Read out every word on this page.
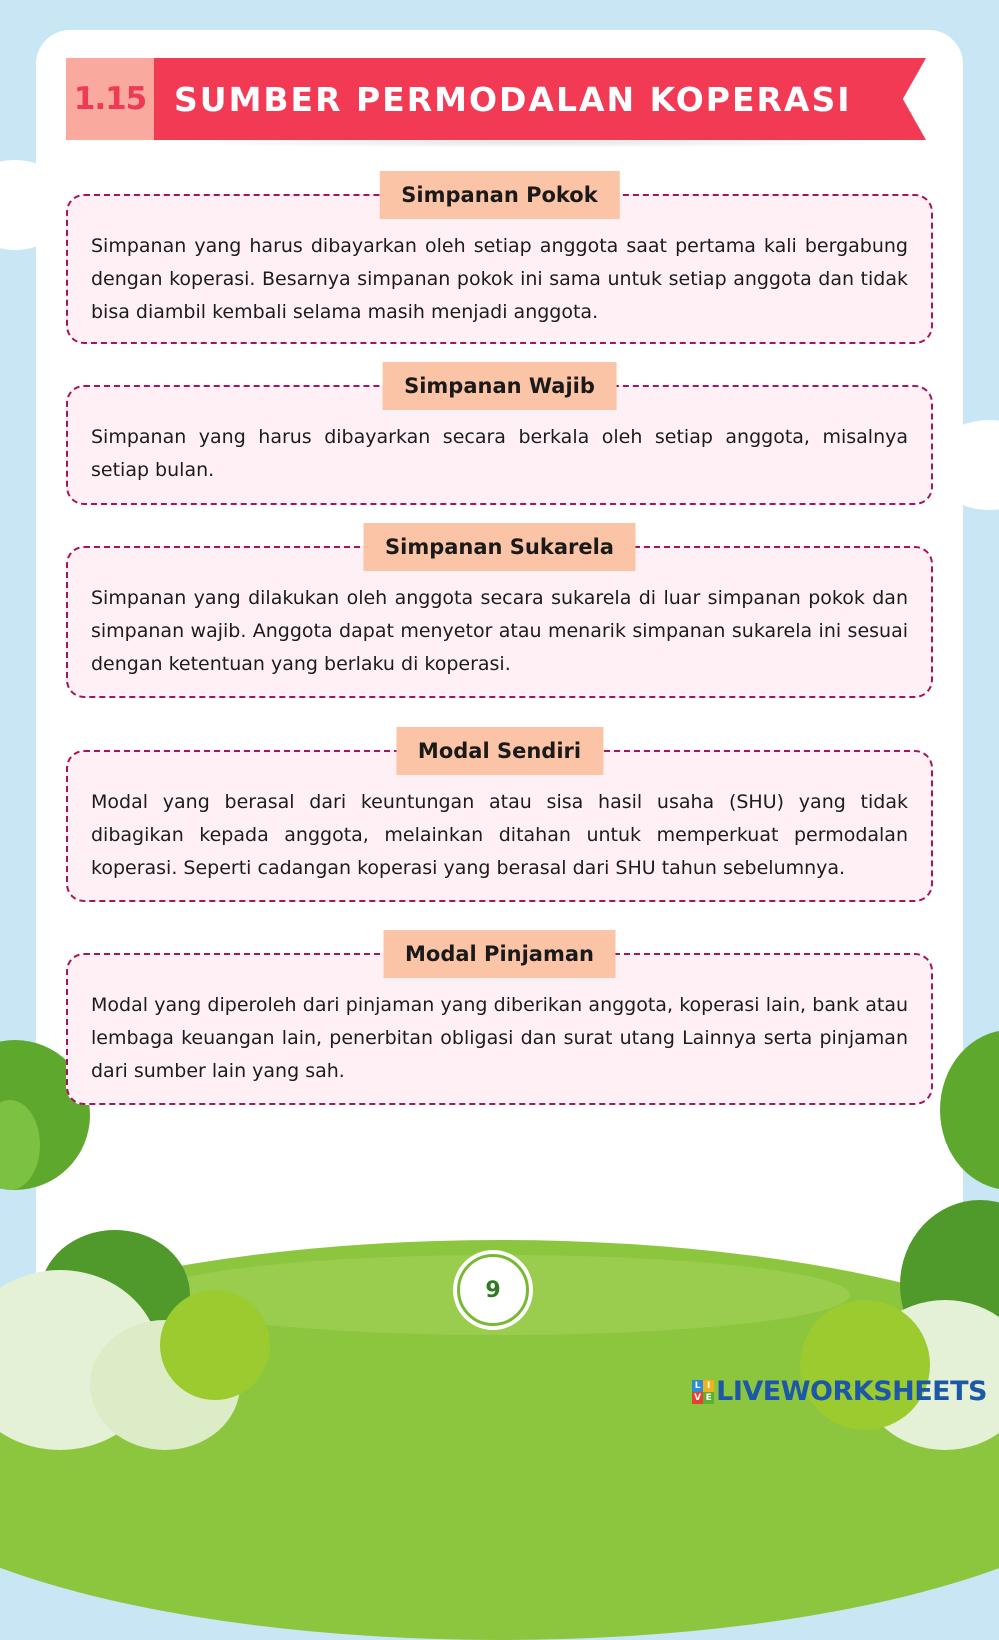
1.15 SUMBER PERMODALAN KOPERASI
Simpanan Pokok

Simpanan yang harus dibayarkan oleh setiap anggota saat pertama kali bergabung dengan koperasi. Besarnya simpanan pokok ini sama untuk setiap anggota dan tidak bisa diambil kembali selama masih menjadi anggota.

Simpanan Wajib

Simpanan yang harus dibayarkan secara berkala oleh setiap anggota, misalnya setiap bulan.

Simpanan Sukarela

Simpanan yang dilakukan oleh anggota secara sukarela di luar simpanan pokok dan simpanan wajib. Anggota dapat menyetor atau menarik simpanan sukarela ini sesuai dengan ketentuan yang berlaku di koperasi.

Modal Sendiri

Modal yang berasal dari keuntungan atau sisa hasil usaha (SHU) yang tidak dibagikan kepada anggota, melainkan ditahan untuk memperkuat permodalan koperasi. Seperti cadangan koperasi yang berasal dari SHU tahun sebelumnya.

Modal Pinjaman

Modal yang diperoleh dari pinjaman yang diberikan anggota, koperasi lain, bank atau lembaga keuangan lain, penerbitan obligasi dan surat utang Lainnya serta pinjaman dari sumber lain yang sah.

9
L I
V E LIVEWORKSHEETS
